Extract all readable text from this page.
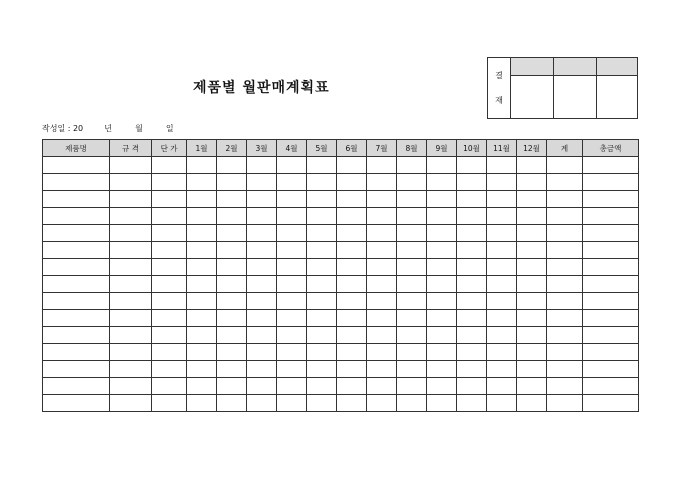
제품별 월판매계획표
결
재			

작성일 : 20	년	월	일
제품명	규 격	단 가	1월	2월	3월	4월	5월	6월	7월	8월	9월	10월	11월	12월	계	총금액
